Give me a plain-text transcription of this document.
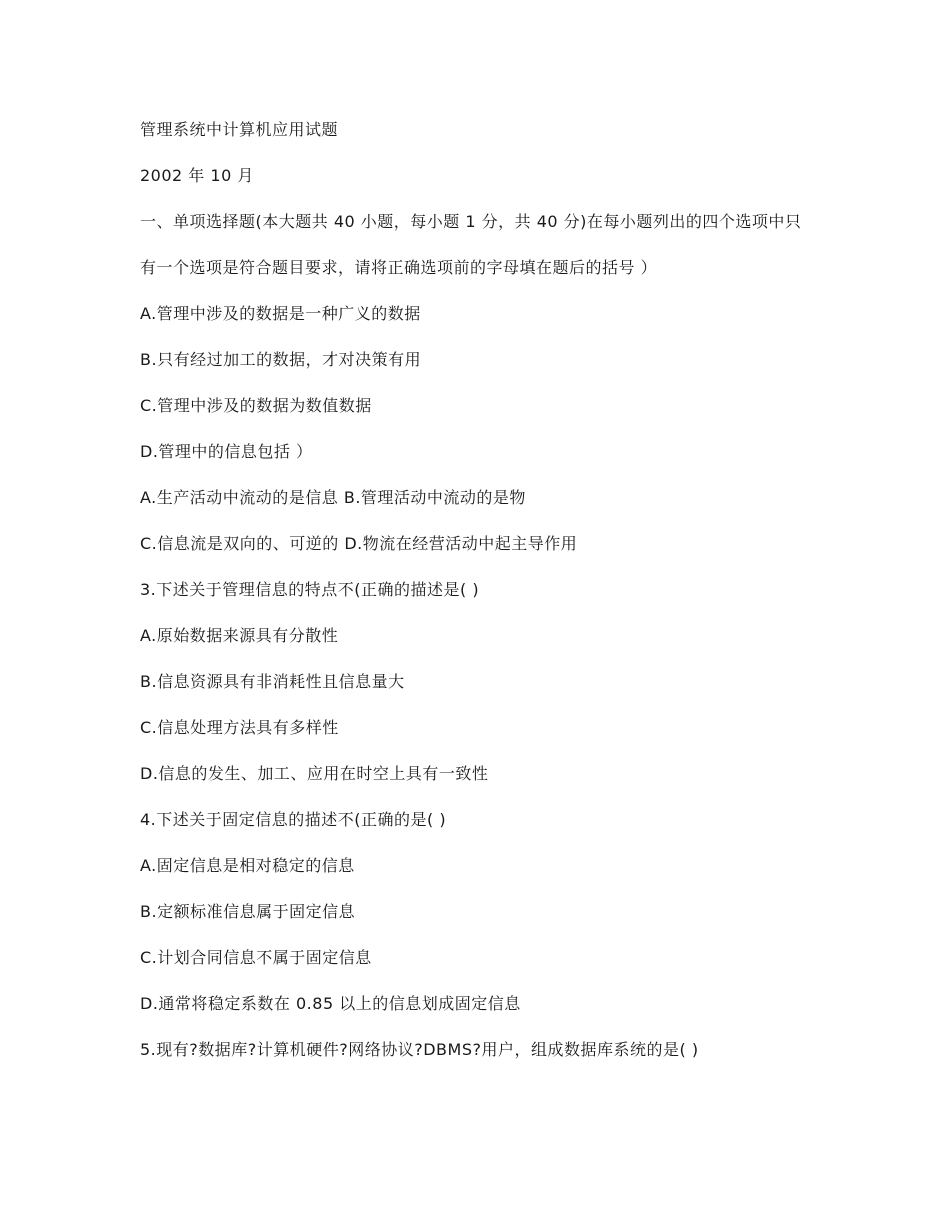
管理系统中计算机应用试题
2002 年 10 月
一、单项选择题(本大题共 40 小题，每小题 1 分，共 40 分)在每小题列出的四个选项中只
有一个选项是符合题目要求，请将正确选项前的字母填在题后的括号 ）
A.管理中涉及的数据是一种广义的数据
B.只有经过加工的数据，才对决策有用
C.管理中涉及的数据为数值数据
D.管理中的信息包括 ）
A.生产活动中流动的是信息 B.管理活动中流动的是物
C.信息流是双向的、可逆的 D.物流在经营活动中起主导作用
3.下述关于管理信息的特点不(正确的描述是( )
A.原始数据来源具有分散性
B.信息资源具有非消耗性且信息量大
C.信息处理方法具有多样性
D.信息的发生、加工、应用在时空上具有一致性
4.下述关于固定信息的描述不(正确的是( )
A.固定信息是相对稳定的信息
B.定额标准信息属于固定信息
C.计划合同信息不属于固定信息
D.通常将稳定系数在 0.85 以上的信息划成固定信息
5.现有?数据库?计算机硬件?网络协议?DBMS?用户，组成数据库系统的是( )
